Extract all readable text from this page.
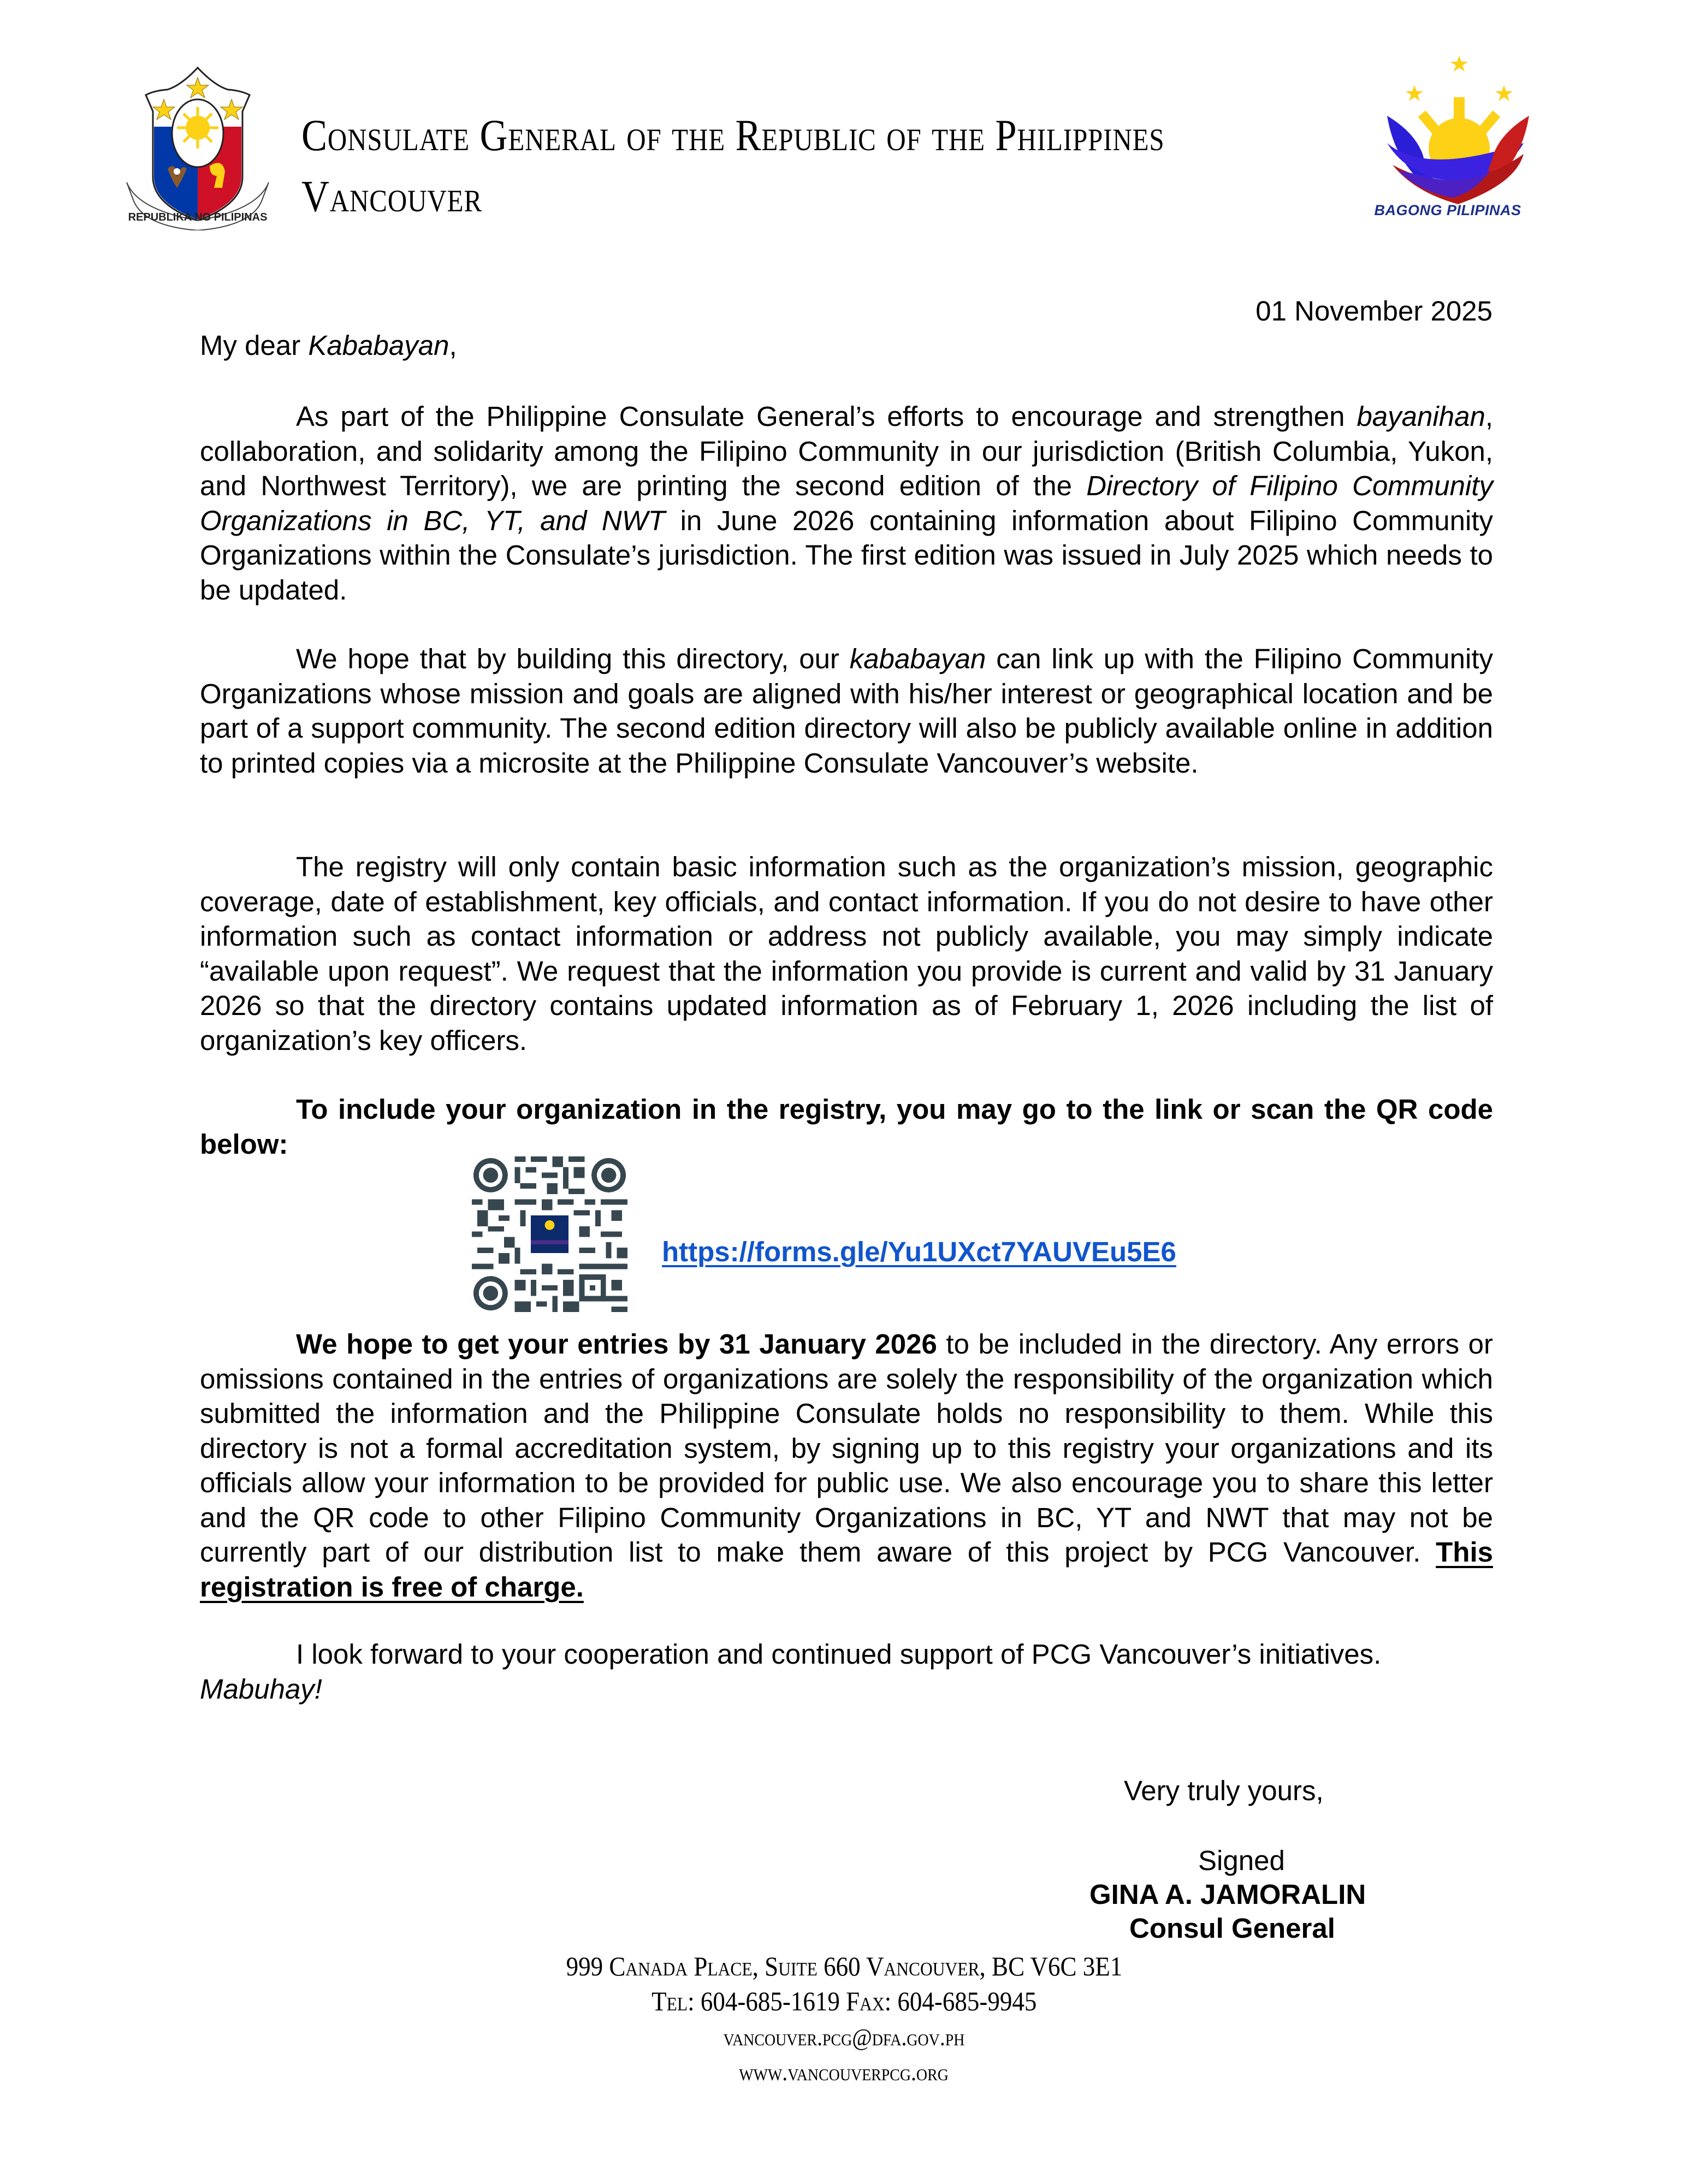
REPUBLIKA NG PILIPINAS
Consulate General of the Republic of the Philippines
Vancouver	BAGONG PILIPINAS
01 November 2025
My dear Kababayan,

As part of the Philippine Consulate General’s efforts to encourage and strengthen bayanihan, collaboration, and solidarity among the Filipino Community in our jurisdiction (British Columbia, Yukon, and Northwest Territory), we are printing the second edition of the Directory of Filipino Community Organizations in BC, YT, and NWT in June 2026 containing information about Filipino Community Organizations within the Consulate’s jurisdiction. The first edition was issued in July 2025 which needs to be updated.

We hope that by building this directory, our kababayan can link up with the Filipino Community Organizations whose mission and goals are aligned with his/her interest or geographical location and be part of a support community. The second edition directory will also be publicly available online in addition to printed copies via a microsite at the Philippine Consulate Vancouver’s website.

The registry will only contain basic information such as the organization’s mission, geographic coverage, date of establishment, key officials, and contact information. If you do not desire to have other information such as contact information or address not publicly available, you may simply indicate “available upon request”. We request that the information you provide is current and valid by 31 January 2026 so that the directory contains updated information as of February 1, 2026 including the list of organization’s key officers.

To include your organization in the registry, you may go to the link or scan the QR code below:

https://forms.gle/Yu1UXct7YAUVEu5E6

We hope to get your entries by 31 January 2026 to be included in the directory. Any errors or omissions contained in the entries of organizations are solely the responsibility of the organization which submitted the information and the Philippine Consulate holds no responsibility to them. While this directory is not a formal accreditation system, by signing up to this registry your organizations and its officials allow your information to be provided for public use. We also encourage you to share this letter and the QR code to other Filipino Community Organizations in BC, YT and NWT that may not be currently part of our distribution list to make them aware of this project by PCG Vancouver. This registration is free of charge.

I look forward to your cooperation and continued support of PCG Vancouver’s initiatives.

Mabuhay!

Very truly yours,
Signed
GINA A. JAMORALIN
Consul General
999 Canada Place, Suite 660 Vancouver, BC V6C 3E1
Tel: 604-685-1619 Fax: 604-685-9945
vancouver.pcg@dfa.gov.ph
www.vancouverpcg.org
